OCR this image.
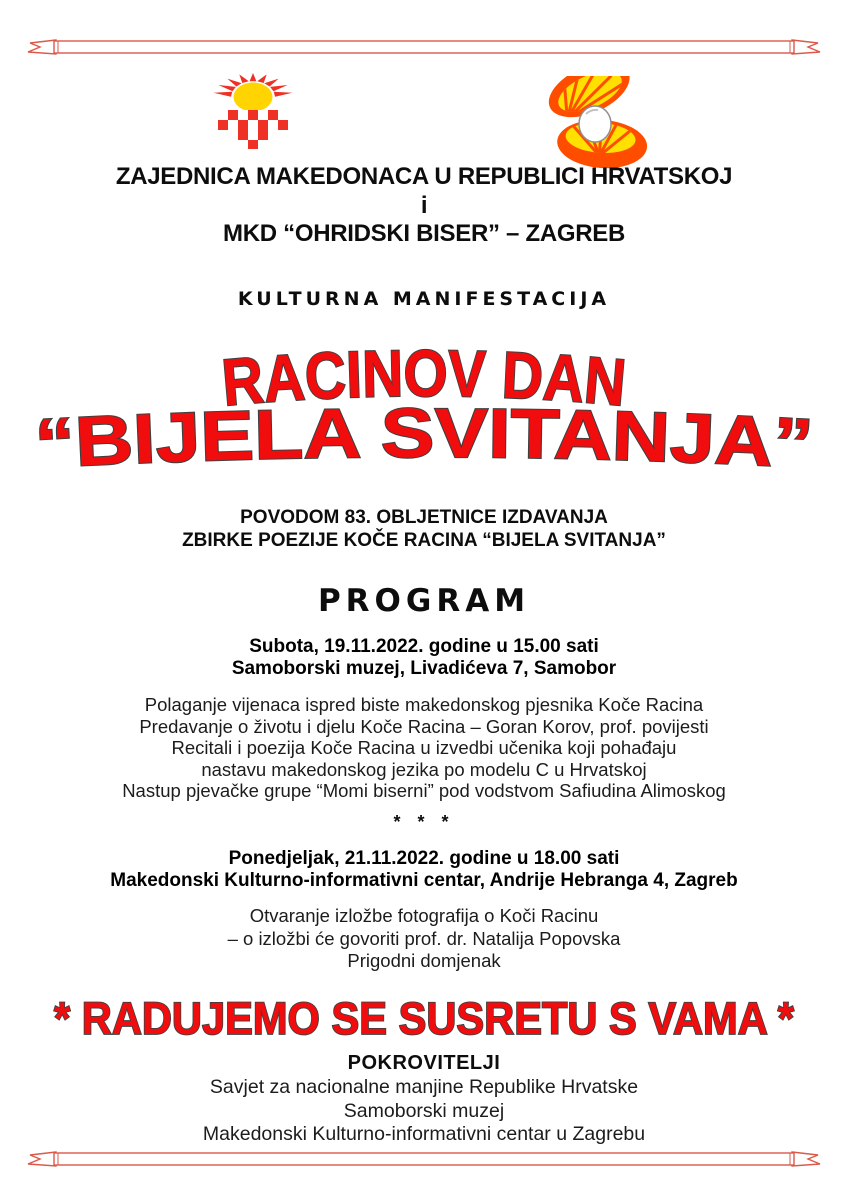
ZAJEDNICA MAKEDONACA U REPUBLICI HRVATSKOJ
i
MKD “OHRIDSKI BISER” – ZAGREB
KULTURNA MANIFESTACIJA
RACINOV DAN
“BIJELA SVITANJA”
POVODOM 83. OBLJETNICE IZDAVANJA
ZBIRKE POEZIJE KOČE RACINA “BIJELA SVITANJA”
PROGRAM
Subota, 19.11.2022. godine u 15.00 sati
Samoborski muzej, Livadićeva 7, Samobor
Polaganje vijenaca ispred biste makedonskog pjesnika Koče Racina
Predavanje o životu i djelu Koče Racina – Goran Korov, prof. povijesti
Recitali i poezija Koče Racina u izvedbi učenika koji pohađaju
nastavu makedonskog jezika po modelu C u Hrvatskoj
Nastup pjevačke grupe “Momi biserni” pod vodstvom Safiudina Alimoskog
* * *
Ponedjeljak, 21.11.2022. godine u 18.00 sati
Makedonski Kulturno-informativni centar, Andrije Hebranga 4, Zagreb
Otvaranje izložbe fotografija o Koči Racinu
– o izložbi će govoriti prof. dr. Natalija Popovska
Prigodni domjenak
* RADUJEMO SE SUSRETU S VAMA *
POKROVITELJI
Savjet za nacionalne manjine Republike Hrvatske
Samoborski muzej
Makedonski Kulturno-informativni centar u Zagrebu
